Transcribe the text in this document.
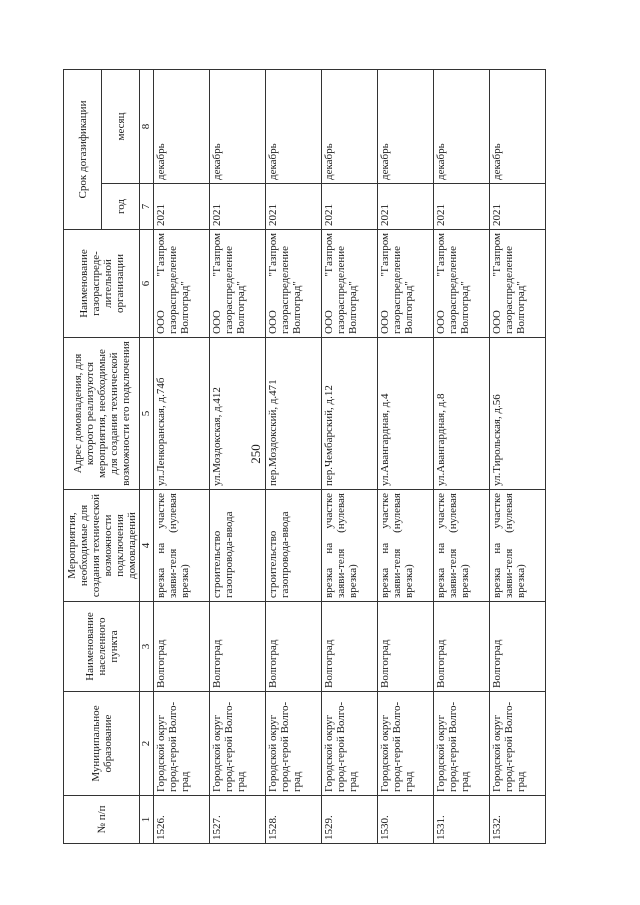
250
№ п/п	Муниципальное образование	Наименование населенного пункта	Мероприятия, необходимые для создания технической возможности подключения домовладений	Адрес домовладения, для которого реализуются мероприятия, необходимые для создания технической возможности его подключения	Наименование газораспреде-лительной организации	Срок догазификации	
						год	месяц
1	2	3	4	5	6	7	8
1526.	Городской округ город-герой Волго-град	Волгоград	врезка на участке заяви-теля (нулевая врезка)	ул.Ленкоранская, д.74б	ООО "Газпром газораспределение Волгоград"	2021	декабрь
1527.	Городской округ город-герой Волго-град	Волгоград	строительство газопровода-ввода	ул.Моздокская, д.412	ООО "Газпром газораспределение Волгоград"	2021	декабрь
1528.	Городской округ город-герой Волго-град	Волгоград	строительство газопровода-ввода	пер.Моздокский, д.471	ООО "Газпром газораспределение Волгоград"	2021	декабрь
1529.	Городской округ город-герой Волго-град	Волгоград	врезка на участке заяви-теля (нулевая врезка)	пер.Чембарский, д.12	ООО "Газпром газораспределение Волгоград"	2021	декабрь
1530.	Городской округ город-герой Волго-град	Волгоград	врезка на участке заяви-теля (нулевая врезка)	ул.Авангардная, д.4	ООО "Газпром газораспределение Волгоград"	2021	декабрь
1531.	Городской округ город-герой Волго-град	Волгоград	врезка на участке заяви-теля (нулевая врезка)	ул.Авангардная, д.8	ООО "Газпром газораспределение Волгоград"	2021	декабрь
1532.	Городской округ город-герой Волго-град	Волгоград	врезка на участке заяви-теля (нулевая врезка)	ул.Тирольская, д.56	ООО "Газпром газораспределение Волгоград"	2021	декабрь
